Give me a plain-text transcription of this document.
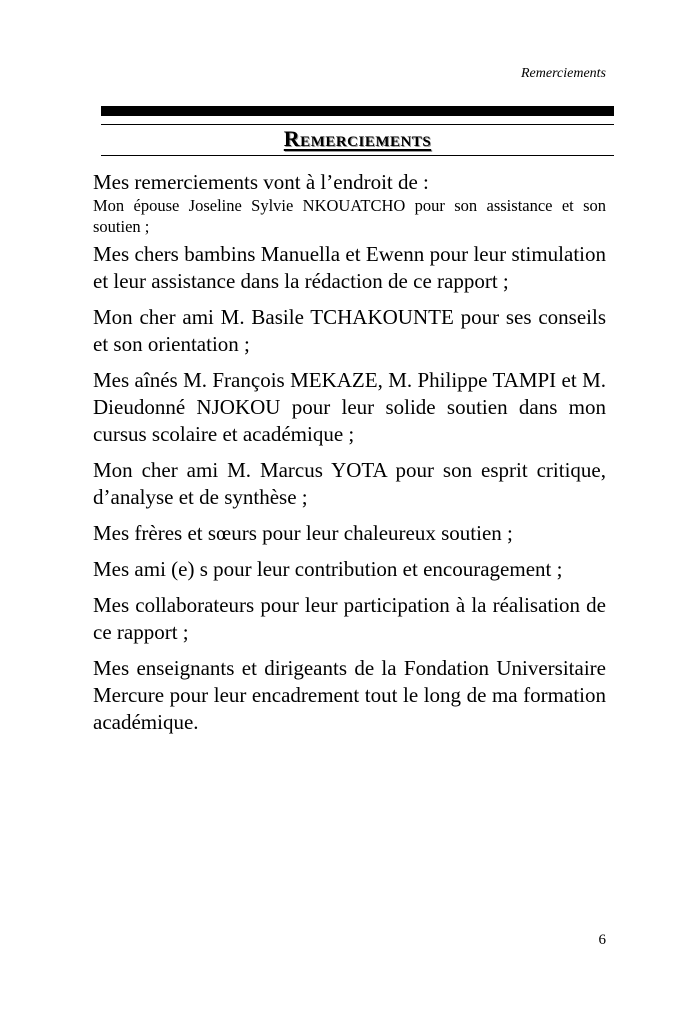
Remerciements
Remerciements

Mes remerciements vont à l’endroit de :

Mon épouse Joseline Sylvie NKOUATCHO pour son assistance et son soutien ;

Mes chers bambins Manuella et Ewenn pour leur stimulation et leur assistance dans la rédaction de ce rapport ;

Mon cher ami M. Basile TCHAKOUNTE pour ses conseils et son orientation ;

Mes aînés M. François MEKAZE, M. Philippe TAMPI et M. Dieudonné NJOKOU pour leur solide soutien dans mon cursus scolaire et académique ;

Mon cher ami M. Marcus YOTA pour son esprit critique, d’analyse et de synthèse ;

Mes frères et sœurs pour leur chaleureux soutien ;

Mes ami (e) s pour leur contribution et encouragement ;

Mes collaborateurs pour leur participation à la réalisation de ce rapport ;

Mes enseignants et dirigeants de la Fondation Universitaire Mercure pour leur encadrement tout le long de ma formation académique.

6
